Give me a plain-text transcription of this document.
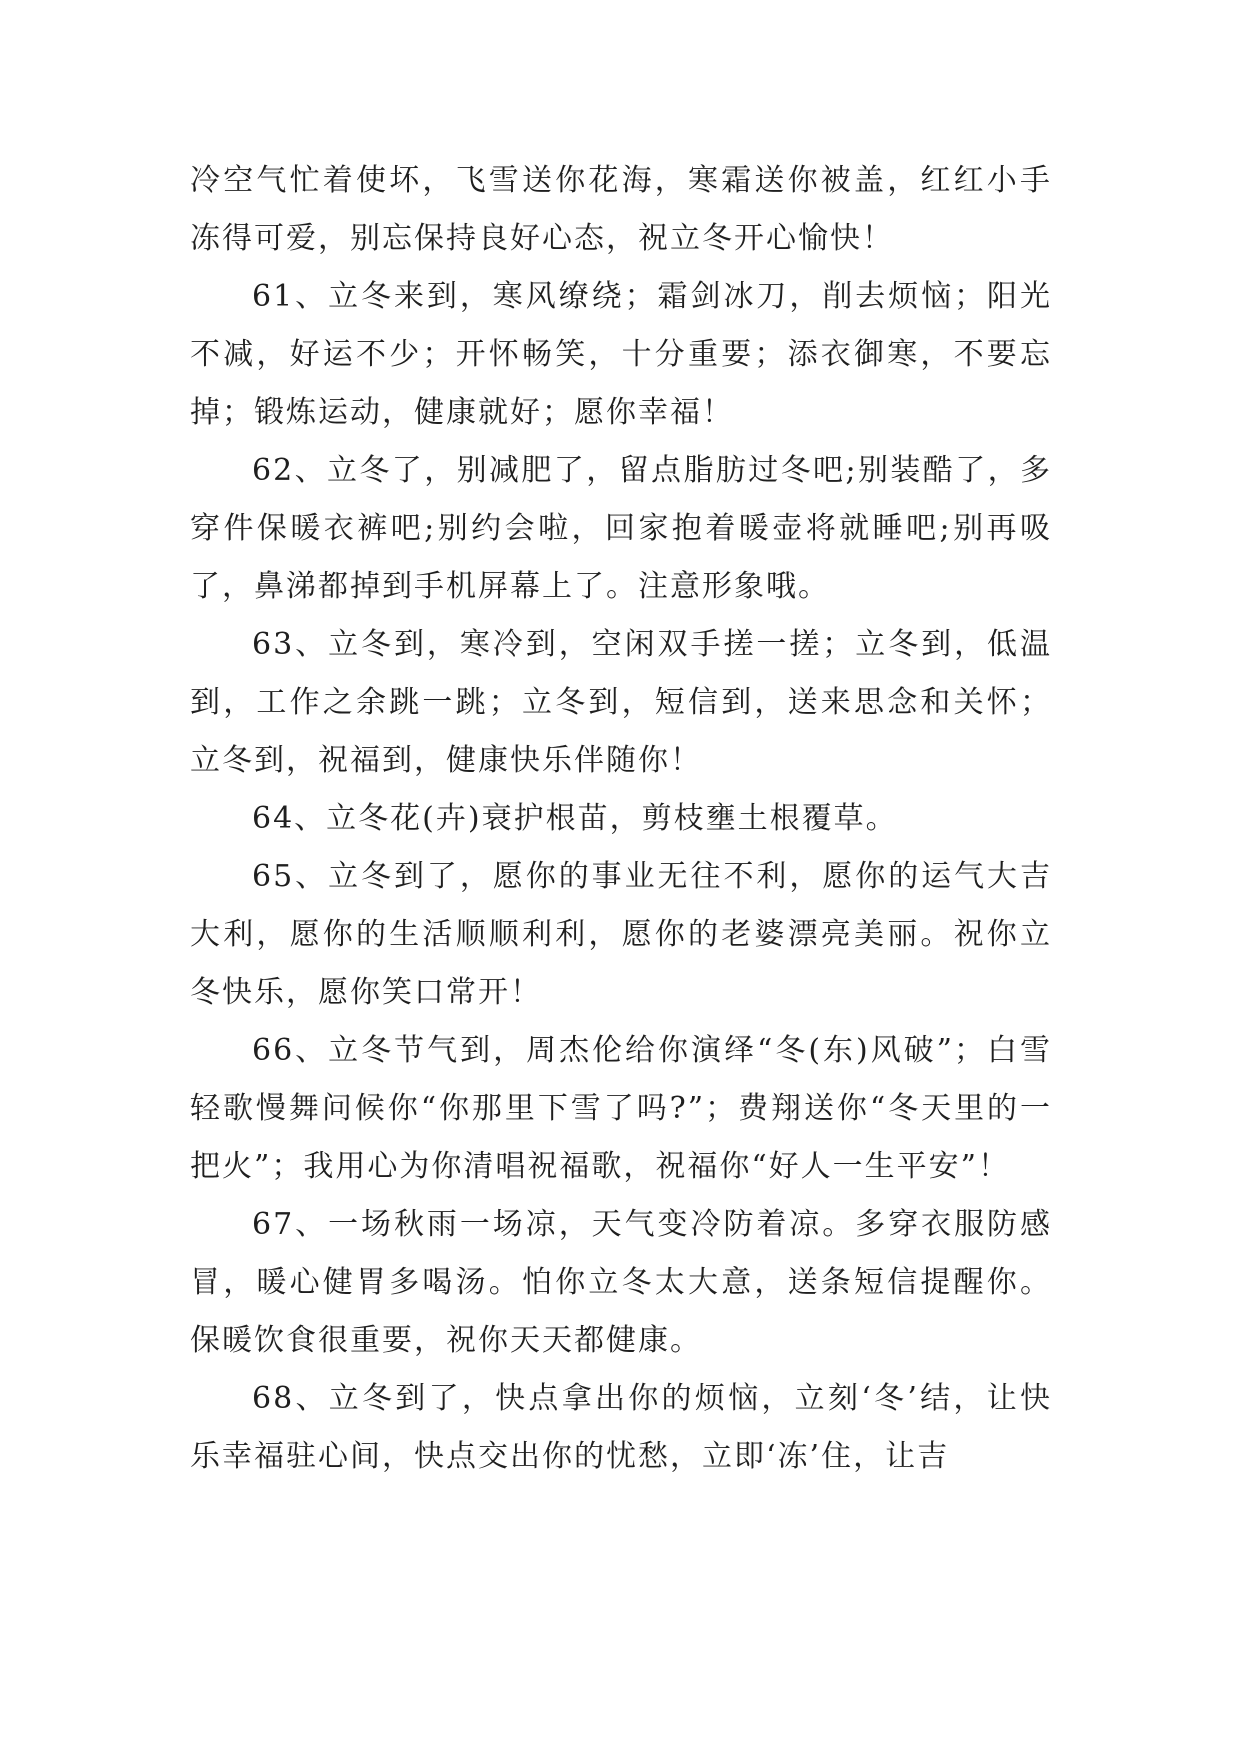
冷空气忙着使坏，飞雪送你花海，寒霜送你被盖，红红小手冻得可爱，别忘保持良好心态，祝立冬开心愉快！

61、立冬来到，寒风缭绕；霜剑冰刀，削去烦恼；阳光不减，好运不少；开怀畅笑，十分重要；添衣御寒，不要忘掉；锻炼运动，健康就好；愿你幸福！

62、立冬了，别减肥了，留点脂肪过冬吧;别装酷了，多穿件保暖衣裤吧;别约会啦，回家抱着暖壶将就睡吧;别再吸了，鼻涕都掉到手机屏幕上了。注意形象哦。

63、立冬到，寒冷到，空闲双手搓一搓；立冬到，低温到，工作之余跳一跳；立冬到，短信到，送来思念和关怀；立冬到，祝福到，健康快乐伴随你！

64、立冬花(卉)衰护根苗，剪枝壅土根覆草。

65、立冬到了，愿你的事业无往不利，愿你的运气大吉大利，愿你的生活顺顺利利，愿你的老婆漂亮美丽。祝你立冬快乐，愿你笑口常开！

66、立冬节气到，周杰伦给你演绎“冬(东)风破”；白雪轻歌慢舞问候你“你那里下雪了吗?”；费翔送你“冬天里的一把火”；我用心为你清唱祝福歌，祝福你“好人一生平安”！

67、一场秋雨一场凉，天气变冷防着凉。多穿衣服防感冒，暖心健胃多喝汤。怕你立冬太大意，送条短信提醒你。保暖饮食很重要，祝你天天都健康。

68、立冬到了，快点拿出你的烦恼，立刻‘冬’结，让快乐幸福驻心间，快点交出你的忧愁，立即‘冻’住，让吉
